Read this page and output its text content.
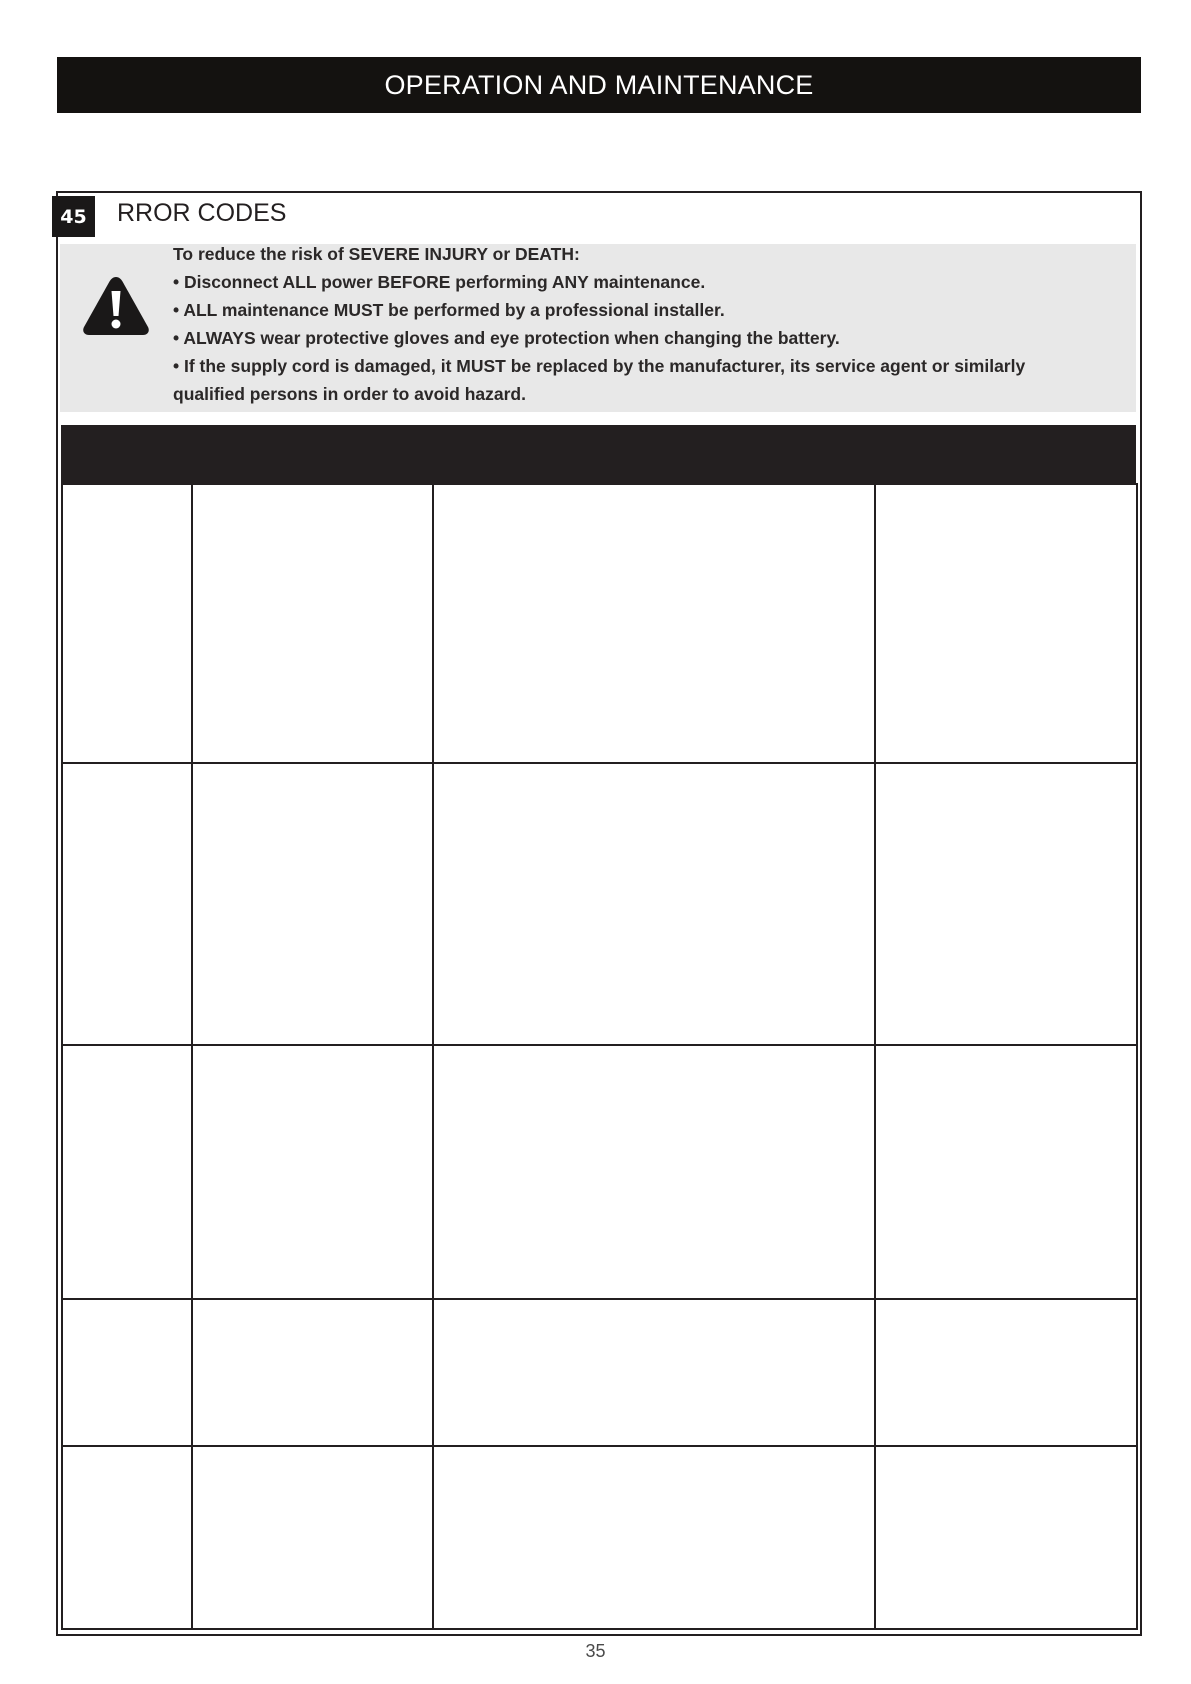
OPERATION AND MAINTENANCE
45	RROR CODES
To reduce the risk of SEVERE INJURY or DEATH:
• Disconnect ALL power BEFORE performing ANY maintenance.
• ALL maintenance MUST be performed by a professional installer.
• ALWAYS wear protective gloves and eye protection when changing the battery.
• If the supply cord is damaged, it MUST be replaced by the manufacturer, its service agent or similarly
qualified persons in order to avoid hazard.

35
